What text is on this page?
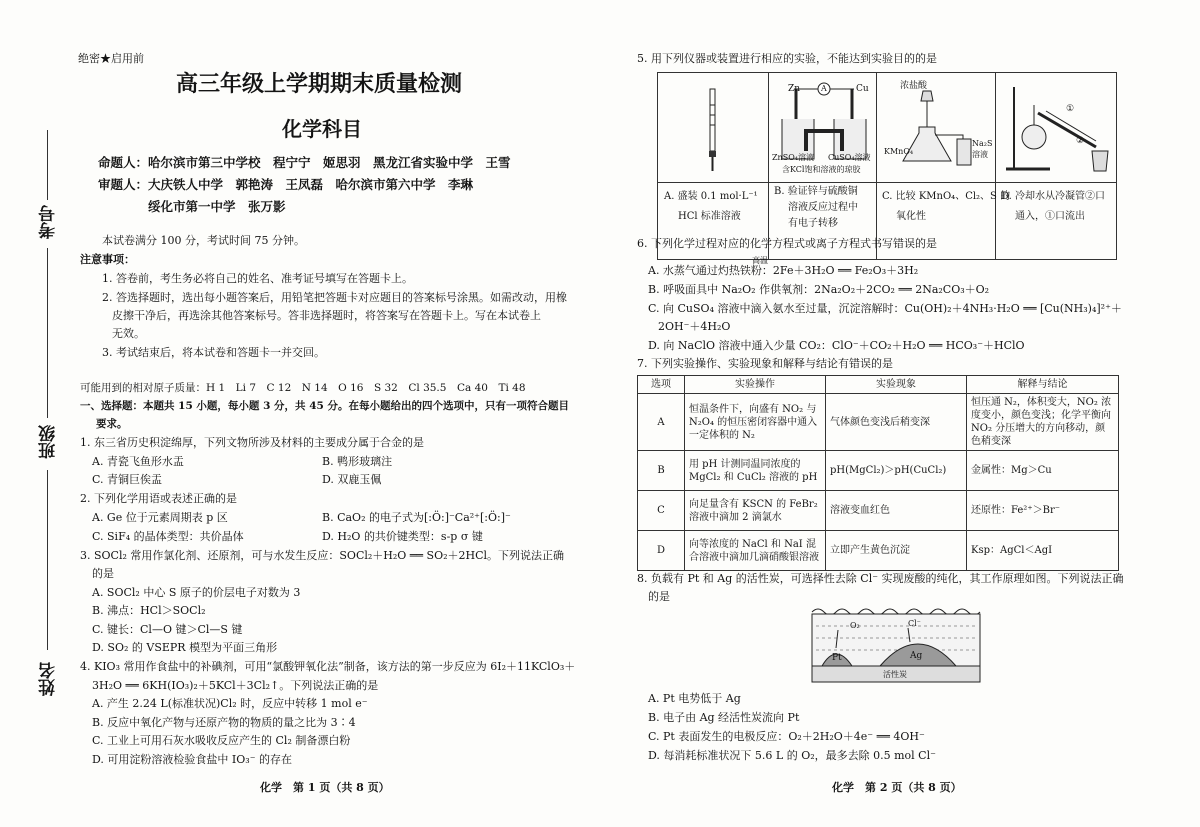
绝密★启用前
高三年级上学期期末质量检测
化学科目
命题人：哈尔滨市第三中学校　程宁宁　姬思羽　黑龙江省实验中学　王雪
审题人：大庆铁人中学　郭艳涛　王凤磊　哈尔滨市第六中学　李琳
绥化市第一中学　张万影
考号
班级
姓名
本试卷满分 100 分，考试时间 75 分钟。
注意事项：
1. 答卷前，考生务必将自己的姓名、准考证号填写在答题卡上。
2. 答选择题时，选出每小题答案后，用铅笔把答题卡对应题目的答案标号涂黑。如需改动，用橡
皮擦干净后，再选涂其他答案标号。答非选择题时，将答案写在答题卡上。写在本试卷上
无效。
3. 考试结束后，将本试卷和答题卡一并交回。
可能用到的相对原子质量：H 1　Li 7　C 12　N 14　O 16　S 32　Cl 35.5　Ca 40　Ti 48
一、选择题：本题共 15 小题，每小题 3 分，共 45 分。在每小题给出的四个选项中，只有一项符合题目
要求。
1. 东三省历史积淀绵厚，下列文物所涉及材料的主要成分属于合金的是
A. 青瓷飞鱼形水盂	B. 鸭形玻璃注
C. 青铜巨俟盂	D. 双鹿玉佩
2. 下列化学用语或表述正确的是
A. Ge 位于元素周期表 p 区	B. CaO₂ 的电子式为[:Ö:]⁻Ca²⁺[:Ö:]⁻
C. SiF₄ 的晶体类型：共价晶体	D. H₂O 的共价键类型：s-p σ 键
3. SOCl₂ 常用作氯化剂、还原剂，可与水发生反应：SOCl₂＋H₂O ══ SO₂＋2HCl。下列说法正确
的是
A. SOCl₂ 中心 S 原子的价层电子对数为 3
B. 沸点：HCl＞SOCl₂
C. 键长：Cl—O 键＞Cl—S 键
D. SO₂ 的 VSEPR 模型为平面三角形
4. KIO₃ 常用作食盐中的补碘剂，可用“氯酸钾氧化法”制备，该方法的第一步反应为 6I₂＋11KClO₃＋
3H₂O ══ 6KH(IO₃)₂＋5KCl＋3Cl₂↑。下列说法正确的是
A. 产生 2.24 L(标准状况)Cl₂ 时，反应中转移 1 mol e⁻
B. 反应中氧化产物与还原产物的物质的量之比为 3∶4
C. 工业上可用石灰水吸收反应产生的 Cl₂ 制备漂白粉
D. 可用淀粉溶液检验食盐中 IO₃⁻ 的存在
化学　第 1 页（共 8 页）
5. 用下列仪器或装置进行相应的实验，不能达到实验目的的是
Zn	A	Cu
ZnSO₄溶液 CuSO₄溶液
含KCl饱和溶液的琼胶
浓盐酸
KMnO₄
Na₂S
溶液
①
②
A. 盛装 0.1 mol·L⁻¹
HCl 标准溶液
B. 验证锌与硫酸铜
溶液反应过程中
有电子转移
C. 比较 KMnO₄、Cl₂、S 的
氧化性
D. 冷却水从冷凝管②口
通入，①口流出
6. 下列化学过程对应的化学方程式或离子方程式书写错误的是
高温
A. 水蒸气通过灼热铁粉：2Fe＋3H₂O ══ Fe₂O₃＋3H₂
B. 呼吸面具中 Na₂O₂ 作供氧剂：2Na₂O₂＋2CO₂ ══ 2Na₂CO₃＋O₂
C. 向 CuSO₄ 溶液中滴入氨水至过量，沉淀溶解时：Cu(OH)₂＋4NH₃·H₂O ══ [Cu(NH₃)₄]²⁺＋
2OH⁻＋4H₂O
D. 向 NaClO 溶液中通入少量 CO₂：ClO⁻＋CO₂＋H₂O ══ HCO₃⁻＋HClO
7. 下列实验操作、实验现象和解释与结论有错误的是
选项	实验操作	实验现象	解释与结论
A	恒温条件下，向盛有 NO₂ 与 N₂O₄ 的恒压密闭容器中通入一定体积的 N₂	气体颜色变浅后稍变深	恒压通 N₂，体积变大，NO₂ 浓度变小，颜色变浅；化学平衡向 NO₂ 分压增大的方向移动，颜色稍变深
B	用 pH 计测同温同浓度的 MgCl₂ 和 CuCl₂ 溶液的 pH	pH(MgCl₂)＞pH(CuCl₂)	金属性：Mg＞Cu
C	向足量含有 KSCN 的 FeBr₂ 溶液中滴加 2 滴氯水	溶液变血红色	还原性：Fe²⁺＞Br⁻
D	向等浓度的 NaCl 和 NaI 混合溶液中滴加几滴硝酸银溶液	立即产生黄色沉淀	Ksp：AgCl＜AgI
8. 负载有 Pt 和 Ag 的活性炭，可选择性去除 Cl⁻ 实现废酸的纯化，其工作原理如图。下列说法正确
的是
O₂	Cl⁻
Pt	Ag
活性炭
A. Pt 电势低于 Ag
B. 电子由 Ag 经活性炭流向 Pt
C. Pt 表面发生的电极反应：O₂＋2H₂O＋4e⁻ ══ 4OH⁻
D. 每消耗标准状况下 5.6 L 的 O₂，最多去除 0.5 mol Cl⁻
化学　第 2 页（共 8 页）
